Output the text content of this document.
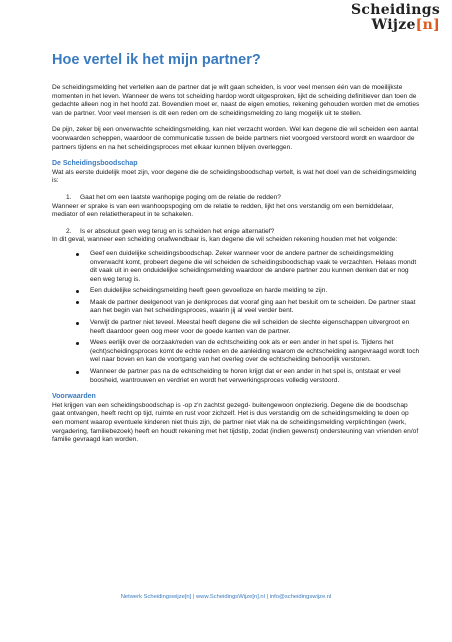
Scheidings
Wijze[n]
Hoe vertel ik het mijn partner?

De scheidingsmelding het vertellen aan de partner dat je wilt gaan scheiden, is voor veel mensen één van de moeilijkste momenten in het leven. Wanneer de wens tot scheiding hardop wordt uitgesproken, lijkt de scheiding definitiever dan toen de gedachte alleen nog in het hoofd zat. Bovendien moet er, naast de eigen emoties, rekening gehouden worden met de emoties van de partner. Voor veel mensen is dit een reden om de scheidingsmelding zo lang mogelijk uit te stellen.

De pijn, zeker bij een onverwachte scheidingsmelding, kan niet verzacht worden. Wel kan degene die wil scheiden een aantal voorwaarden scheppen, waardoor de communicatie tussen de beide partners niet voorgoed verstoord wordt en waardoor de partners tijdens en na het scheidingsproces met elkaar kunnen blijven overleggen.

De Scheidingsboodschap

Wat als eerste duidelijk moet zijn, voor degene die de scheidingsboodschap vertelt, is wat het doel van de scheidingsmelding is:

1. Gaat het om een laatste wanhopige poging om de relatie de redden?

Wanneer er sprake is van een wanhoopspoging om de relatie te redden, lijkt het ons verstandig om een bemiddelaar, mediator of een relatietherapeut in te schakelen.

2. Is er absoluut geen weg terug en is scheiden het enige alternatief?

In dit geval, wanneer een scheiding onafwendbaar is, kan degene die wil scheiden rekening houden met het volgende:

Geef een duidelijke scheidingsboodschap. Zeker wanneer voor de andere partner de scheidingsmelding onverwacht komt, probeert degene die wil scheiden de scheidingsboodschap vaak te verzachten. Helaas mondt dit vaak uit in een onduidelijke scheidingsmelding waardoor de andere partner zou kunnen denken dat er nog een weg terug is.
Een duidelijke scheidingsmelding heeft geen gevoelloze en harde melding te zijn.
Maak de partner deelgenoot van je denkproces dat vooraf ging aan het besluit om te scheiden. De partner staat aan het begin van het scheidingsproces, waarin jij al veel verder bent.
Verwijt de partner niet teveel. Meestal heeft degene die wil scheiden de slechte eigenschappen uitvergroot en heeft daardoor geen oog meer voor de goede kanten van de partner.
Wees eerlijk over de oorzaak/reden van de echtscheiding ook als er een ander in het spel is. Tijdens het (echt)scheidingsproces komt de echte reden en de aanleiding waarom de echtscheiding aangevraagd wordt toch wel naar boven en kan de voortgang van het overleg over de echtscheiding behoorlijk verstoren.
Wanneer de partner pas na de echtscheiding te horen krijgt dat er een ander in het spel is, ontstaat er veel boosheid, wantrouwen en verdriet en wordt het verwerkingsproces volledig verstoord.
Voorwaarden

Het krijgen van een scheidingsboodschap is -op z'n zachtst gezegd- buitengewoon onplezierig. Degene die de boodschap gaat ontvangen, heeft recht op tijd, ruimte en rust voor zichzelf. Het is dus verstandig om de scheidingsmelding te doen op een moment waarop eventuele kinderen niet thuis zijn, de partner niet vlak na de scheidingsmelding verplichtingen (werk, vergadering, familiebezoek) heeft en houdt rekening met het tijdstip, zodat (indien gewenst) ondersteuning van vrienden en/of familie gevraagd kan worden.

Netwerk Scheidingswijze[n] | www.ScheidingsWijze[n].nl | info@scheidingswijze.nl
